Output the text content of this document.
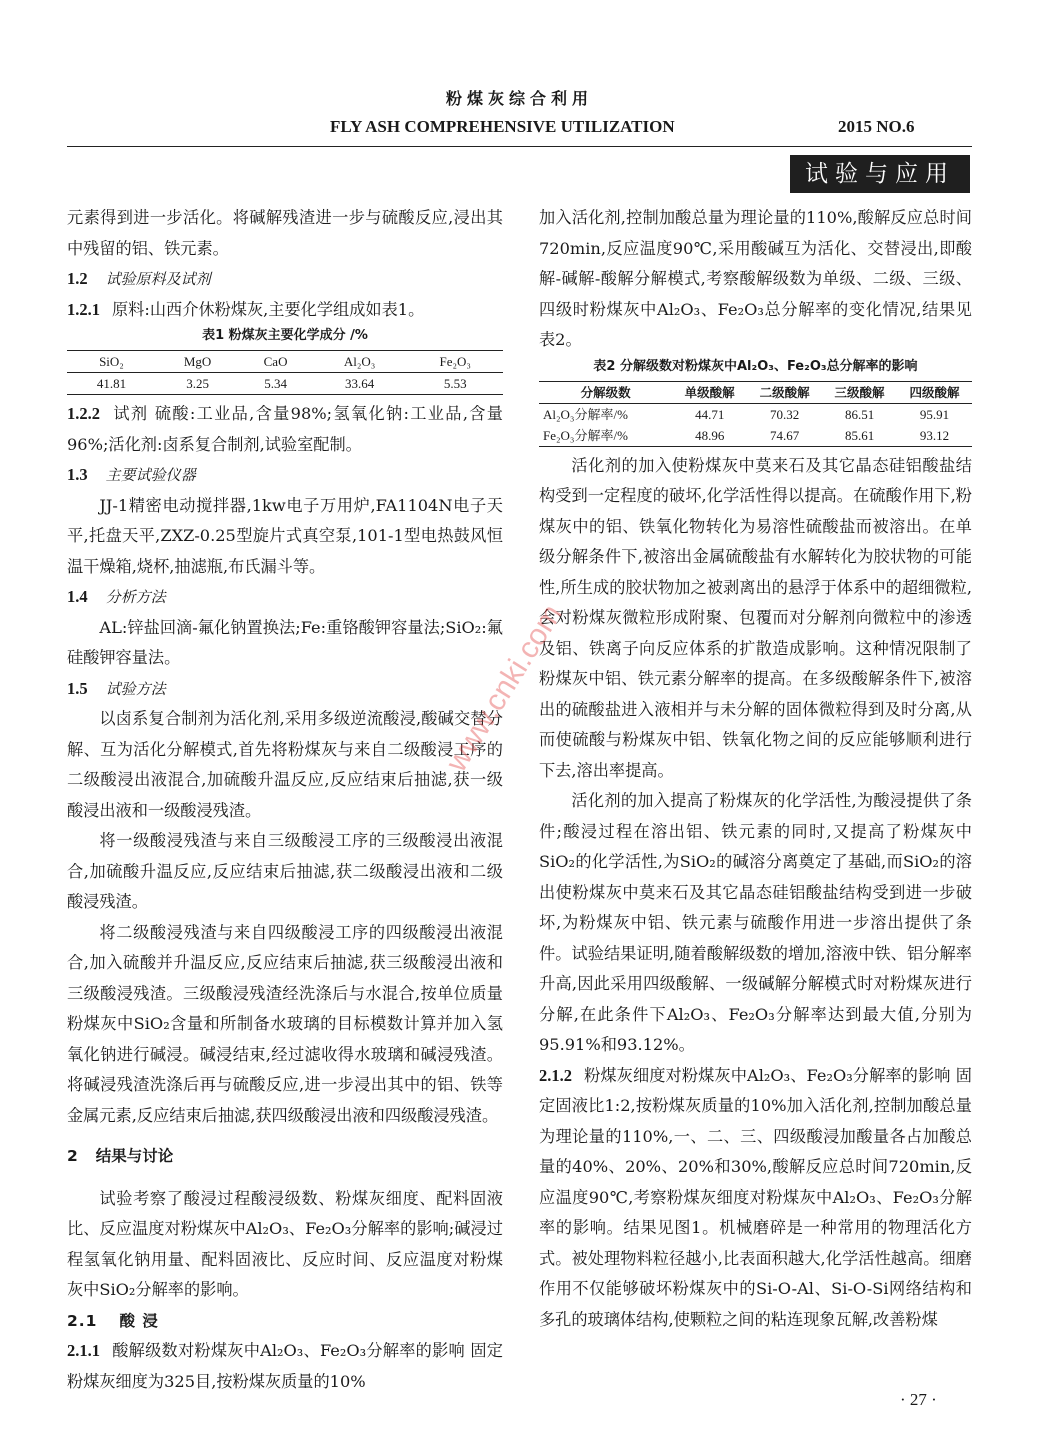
粉煤灰综合利用
FLY ASH COMPREHENSIVE UTILIZATION	2015 NO.6
试验与应用

元素得到进一步活化。将碱解残渣进一步与硫酸反应,浸出其中残留的铝、铁元素。

1.2 试验原料及试剂

1.2.1 原料:山西介休粉煤灰,主要化学组成如表1。

表1 粉煤灰主要化学成分 /%

SiO₂	MgO	CaO	Al₂O₃	Fe₂O₃
41.81	3.25	5.34	33.64	5.53

1.2.2 试剂 硫酸:工业品,含量98%;氢氧化钠:工业品,含量96%;活化剂:卤系复合制剂,试验室配制。

1.3 主要试验仪器

JJ-1精密电动搅拌器,1kw电子万用炉,FA1104N电子天平,托盘天平,ZXZ-0.25型旋片式真空泵,101-1型电热鼓风恒温干燥箱,烧杯,抽滤瓶,布氏漏斗等。

1.4 分析方法

AL:锌盐回滴-氟化钠置换法;Fe:重铬酸钾容量法;SiO₂:氟硅酸钾容量法。

1.5 试验方法

以卤系复合制剂为活化剂,采用多级逆流酸浸,酸碱交替分解、互为活化分解模式,首先将粉煤灰与来自二级酸浸工序的二级酸浸出液混合,加硫酸升温反应,反应结束后抽滤,获一级酸浸出液和一级酸浸残渣。

将一级酸浸残渣与来自三级酸浸工序的三级酸浸出液混合,加硫酸升温反应,反应结束后抽滤,获二级酸浸出液和二级酸浸残渣。

将二级酸浸残渣与来自四级酸浸工序的四级酸浸出液混合,加入硫酸并升温反应,反应结束后抽滤,获三级酸浸出液和三级酸浸残渣。三级酸浸残渣经洗涤后与水混合,按单位质量粉煤灰中SiO₂含量和所制备水玻璃的目标模数计算并加入氢氧化钠进行碱浸。碱浸结束,经过滤收得水玻璃和碱浸残渣。将碱浸残渣洗涤后再与硫酸反应,进一步浸出其中的铝、铁等金属元素,反应结束后抽滤,获四级酸浸出液和四级酸浸残渣。

2 结果与讨论

试验考察了酸浸过程酸浸级数、粉煤灰细度、配料固液比、反应温度对粉煤灰中Al₂O₃、Fe₂O₃分解率的影响;碱浸过程氢氧化钠用量、配料固液比、反应时间、反应温度对粉煤灰中SiO₂分解率的影响。

2.1 酸 浸

2.1.1 酸解级数对粉煤灰中Al₂O₃、Fe₂O₃分解率的影响 固定粉煤灰细度为325目,按粉煤灰质量的10%

加入活化剂,控制加酸总量为理论量的110%,酸解反应总时间720min,反应温度90℃,采用酸碱互为活化、交替浸出,即酸解-碱解-酸解分解模式,考察酸解级数为单级、二级、三级、四级时粉煤灰中Al₂O₃、Fe₂O₃总分解率的变化情况,结果见表2。

表2 分解级数对粉煤灰中Al₂O₃、Fe₂O₃总分解率的影响

分解级数	单级酸解	二级酸解	三级酸解	四级酸解
Al₂O₃分解率/%	44.71	70.32	86.51	95.91
Fe₂O₃分解率/%	48.96	74.67	85.61	93.12

活化剂的加入使粉煤灰中莫来石及其它晶态硅铝酸盐结构受到一定程度的破坏,化学活性得以提高。在硫酸作用下,粉煤灰中的铝、铁氧化物转化为易溶性硫酸盐而被溶出。在单级分解条件下,被溶出金属硫酸盐有水解转化为胶状物的可能性,所生成的胶状物加之被剥离出的悬浮于体系中的超细微粒,会对粉煤灰微粒形成附聚、包覆而对分解剂向微粒中的渗透及铝、铁离子向反应体系的扩散造成影响。这种情况限制了粉煤灰中铝、铁元素分解率的提高。在多级酸解条件下,被溶出的硫酸盐进入液相并与未分解的固体微粒得到及时分离,从而使硫酸与粉煤灰中铝、铁氧化物之间的反应能够顺利进行下去,溶出率提高。

活化剂的加入提高了粉煤灰的化学活性,为酸浸提供了条件;酸浸过程在溶出铝、铁元素的同时,又提高了粉煤灰中SiO₂的化学活性,为SiO₂的碱溶分离奠定了基础,而SiO₂的溶出使粉煤灰中莫来石及其它晶态硅铝酸盐结构受到进一步破坏,为粉煤灰中铝、铁元素与硫酸作用进一步溶出提供了条件。试验结果证明,随着酸解级数的增加,溶液中铁、铝分解率升高,因此采用四级酸解、一级碱解分解模式时对粉煤灰进行分解,在此条件下Al₂O₃、Fe₂O₃分解率达到最大值,分别为95.91%和93.12%。

2.1.2 粉煤灰细度对粉煤灰中Al₂O₃、Fe₂O₃分解率的影响 固定固液比1:2,按粉煤灰质量的10%加入活化剂,控制加酸总量为理论量的110%,一、二、三、四级酸浸加酸量各占加酸总量的40%、20%、20%和30%,酸解反应总时间720min,反应温度90℃,考察粉煤灰细度对粉煤灰中Al₂O₃、Fe₂O₃分解率的影响。结果见图1。机械磨碎是一种常用的物理活化方式。被处理物料粒径越小,比表面积越大,化学活性越高。细磨作用不仅能够破坏粉煤灰中的Si-O-Al、Si-O-Si网络结构和多孔的玻璃体结构,使颗粒之间的粘连现象瓦解,改善粉煤

· 27 ·
www.cnki.com
